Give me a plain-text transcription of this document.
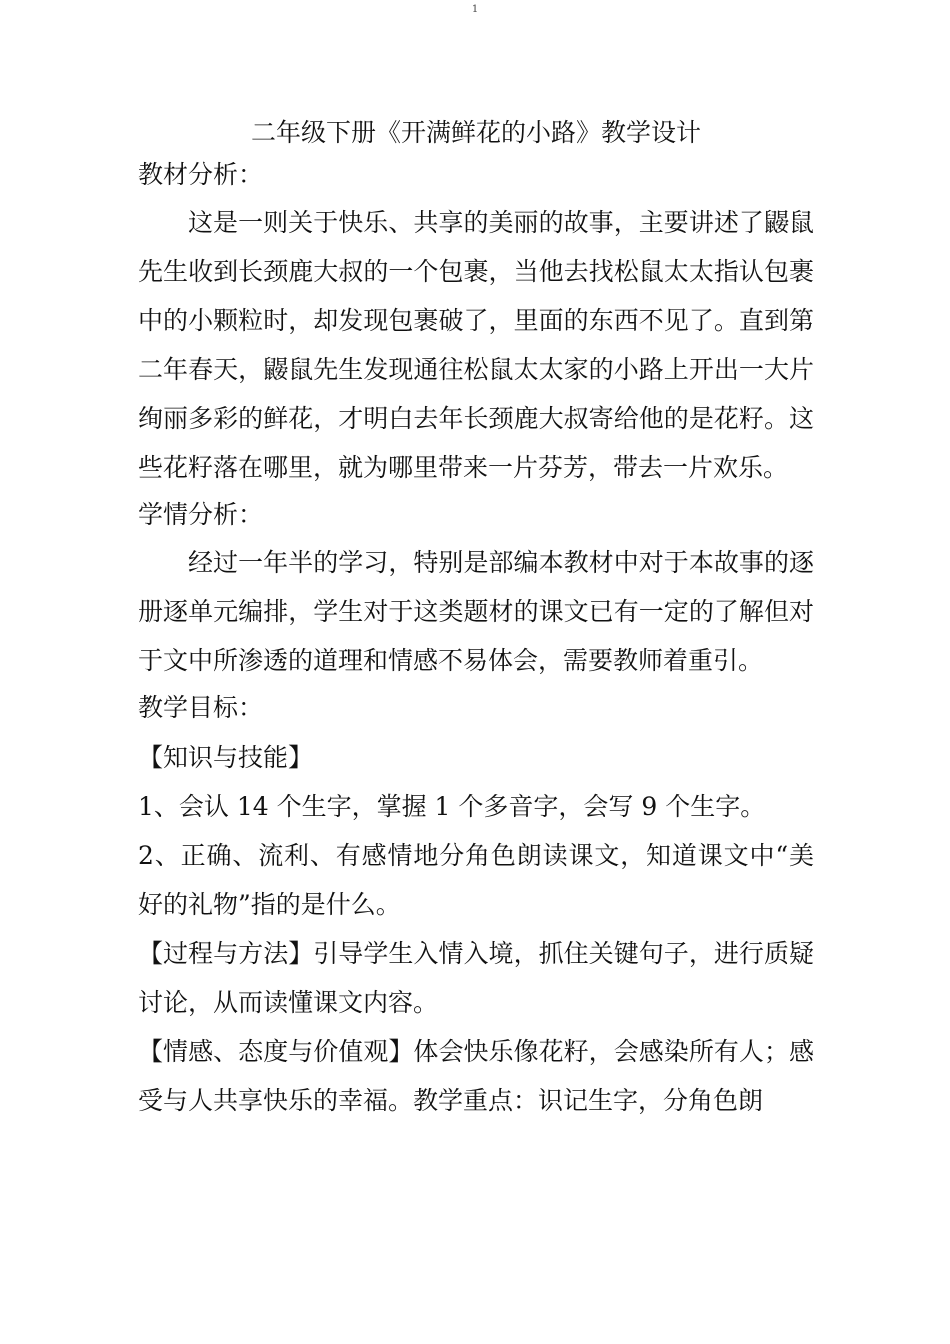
1
二年级下册《开满鲜花的小路》教学设计

教材分析：

这是一则关于快乐、共享的美丽的故事，主要讲述了鼹鼠先生收到长颈鹿大叔的一个包裹，当他去找松鼠太太指认包裹中的小颗粒时，却发现包裹破了，里面的东西不见了。直到第二年春天，鼹鼠先生发现通往松鼠太太家的小路上开出一大片绚丽多彩的鲜花，才明白去年长颈鹿大叔寄给他的是花籽。这些花籽落在哪里，就为哪里带来一片芬芳，带去一片欢乐。

学情分析：

经过一年半的学习，特别是部编本教材中对于本故事的逐册逐单元编排，学生对于这类题材的课文已有一定的了解但对于文中所渗透的道理和情感不易体会，需要教师着重引。

教学目标：

【知识与技能】

1、会认 14 个生字，掌握 1 个多音字，会写 9 个生字。

2、正确、流利、有感情地分角色朗读课文，知道课文中“美好的礼物”指的是什么。

【过程与方法】引导学生入情入境，抓住关键句子，进行质疑讨论，从而读懂课文内容。

【情感、态度与价值观】体会快乐像花籽，会感染所有人；感受与人共享快乐的幸福。教学重点：识记生字，分角色朗
